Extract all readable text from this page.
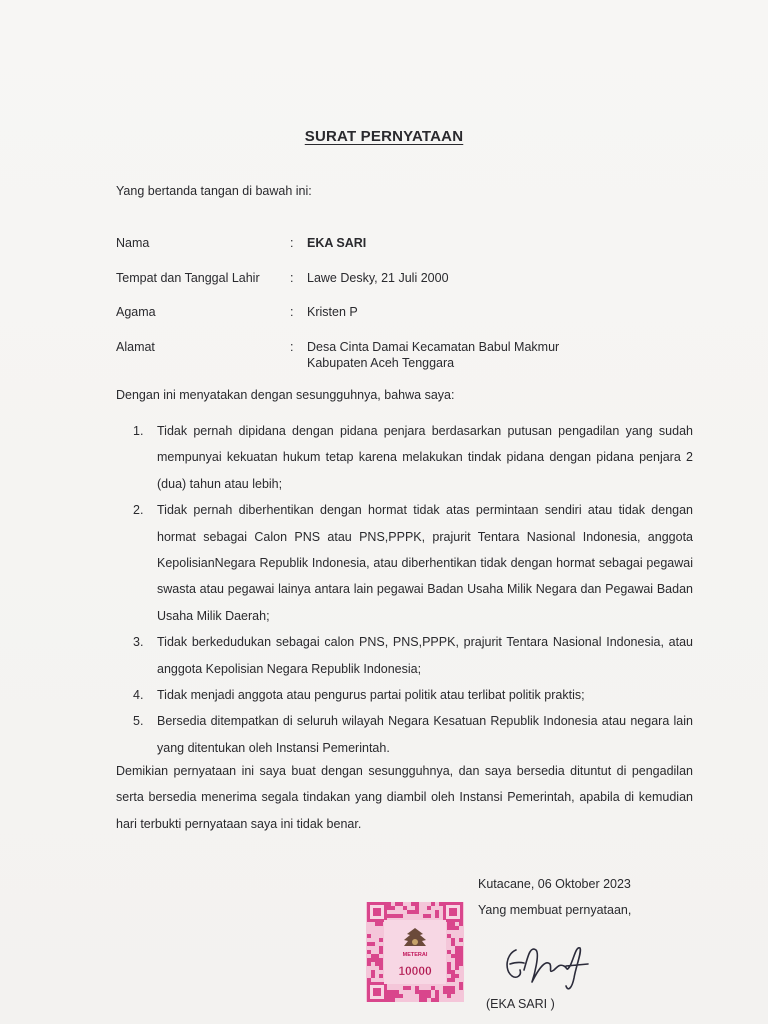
SURAT PERNYATAAN
Yang bertanda tangan di bawah ini:
Nama	: EKA SARI
Tempat dan Tanggal Lahir : Lawe Desky, 21 Juli 2000
Agama	: Kristen P
Alamat	: Desa Cinta Damai Kecamatan Babul Makmur
Kabupaten Aceh Tenggara
Dengan ini menyatakan dengan sesungguhnya, bahwa saya:
1. Tidak pernah dipidana dengan pidana penjara berdasarkan putusan pengadilan yang sudah mempunyai kekuatan hukum tetap karena melakukan tindak pidana dengan pidana penjara 2 (dua) tahun atau lebih;
2. Tidak pernah diberhentikan dengan hormat tidak atas permintaan sendiri atau tidak dengan hormat sebagai Calon PNS atau PNS,PPPK, prajurit Tentara Nasional Indonesia, anggota KepolisianNegara Republik Indonesia, atau diberhentikan tidak dengan hormat sebagai pegawai swasta atau pegawai lainya antara lain pegawai Badan Usaha Milik Negara dan Pegawai Badan Usaha Milik Daerah;
3. Tidak berkedudukan sebagai calon PNS, PNS,PPPK, prajurit Tentara Nasional Indonesia, atau anggota Kepolisian Negara Republik Indonesia;
4. Tidak menjadi anggota atau pengurus partai politik atau terlibat politik praktis;
5. Bersedia ditempatkan di seluruh wilayah Negara Kesatuan Republik Indonesia atau negara lain yang ditentukan oleh Instansi Pemerintah.
Demikian pernyataan ini saya buat dengan sesungguhnya, dan saya bersedia dituntut di pengadilan serta bersedia menerima segala tindakan yang diambil oleh Instansi Pemerintah, apabila di kemudian hari terbukti pernyataan saya ini tidak benar.
Kutacane, 06 Oktober 2023
Yang membuat pernyataan,
METERAI
10000
(EKA SARI )
